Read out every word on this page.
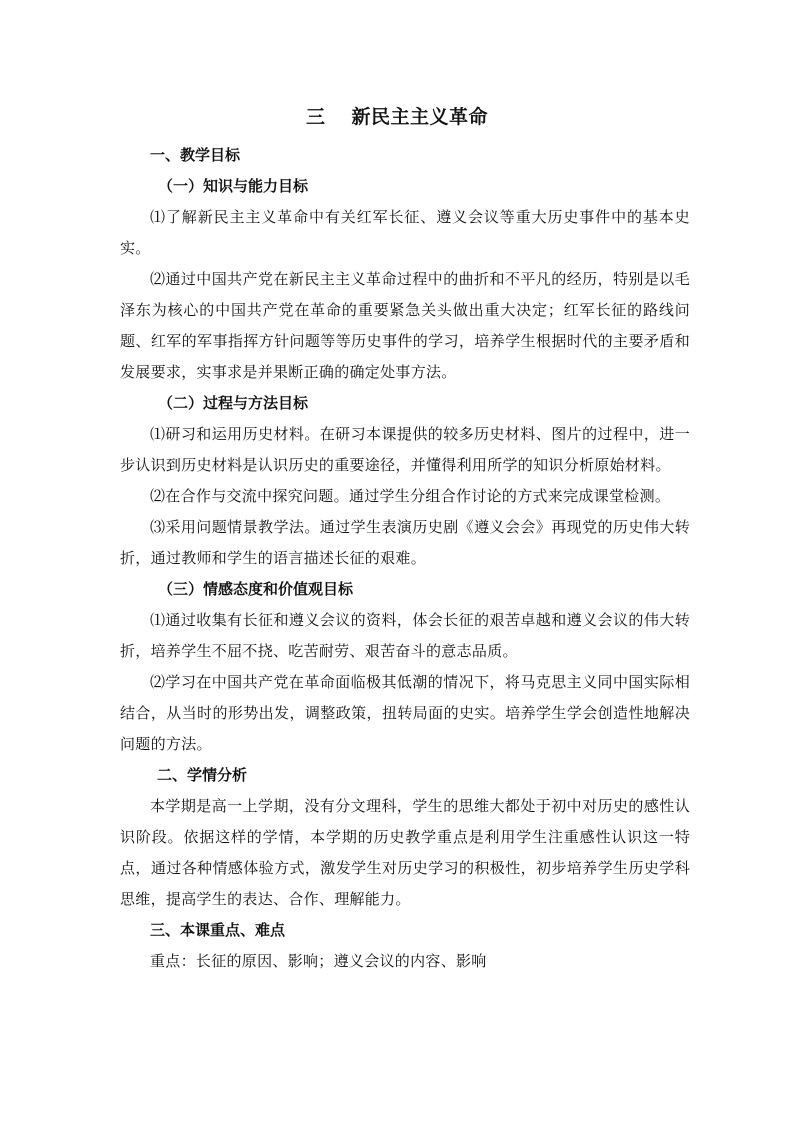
三 新民主主义革命

一、教学目标

（一）知识与能力目标

⑴了解新民主主义革命中有关红军长征、遵义会议等重大历史事件中的基本史实。

⑵通过中国共产党在新民主主义革命过程中的曲折和不平凡的经历，特别是以毛泽东为核心的中国共产党在革命的重要紧急关头做出重大决定；红军长征的路线问题、红军的军事指挥方针问题等等历史事件的学习，培养学生根据时代的主要矛盾和发展要求，实事求是并果断正确的确定处事方法。

（二）过程与方法目标

⑴研习和运用历史材料。在研习本课提供的较多历史材料、图片的过程中，进一步认识到历史材料是认识历史的重要途径，并懂得利用所学的知识分析原始材料。

⑵在合作与交流中探究问题。通过学生分组合作讨论的方式来完成课堂检测。

⑶采用问题情景教学法。通过学生表演历史剧《遵义会会》再现党的历史伟大转折，通过教师和学生的语言描述长征的艰难。

（三）情感态度和价值观目标

⑴通过收集有长征和遵义会议的资料，体会长征的艰苦卓越和遵义会议的伟大转折，培养学生不屈不挠、吃苦耐劳、艰苦奋斗的意志品质。

⑵学习在中国共产党在革命面临极其低潮的情况下，将马克思主义同中国实际相结合，从当时的形势出发，调整政策，扭转局面的史实。培养学生学会创造性地解决问题的方法。

二、学情分析

本学期是高一上学期，没有分文理科，学生的思维大都处于初中对历史的感性认识阶段。依据这样的学情，本学期的历史教学重点是利用学生注重感性认识这一特点，通过各种情感体验方式，激发学生对历史学习的积极性，初步培养学生历史学科思维，提高学生的表达、合作、理解能力。

三、本课重点、难点

重点：长征的原因、影响；遵义会议的内容、影响
